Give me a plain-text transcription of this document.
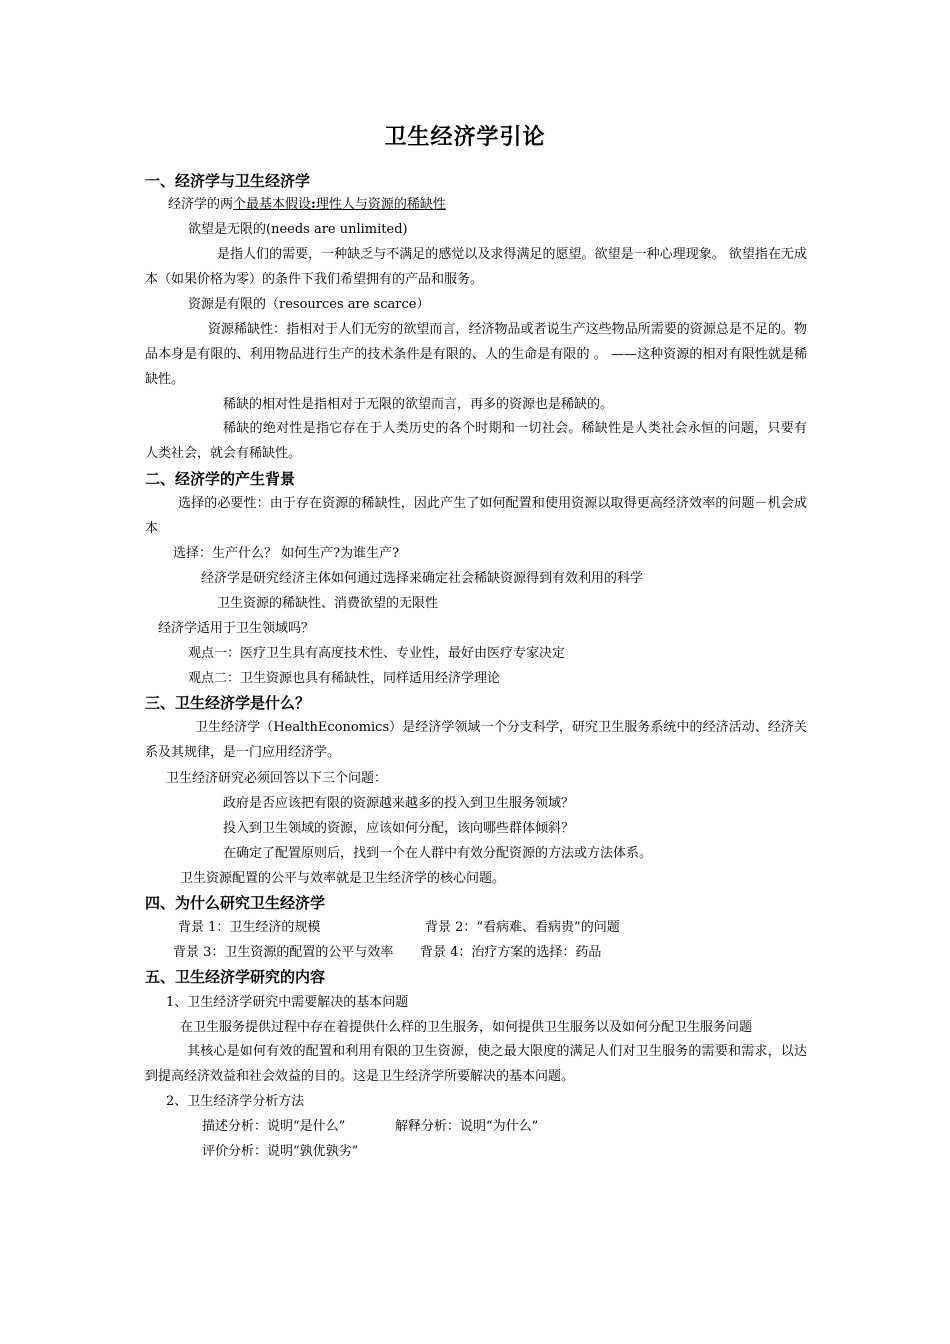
卫生经济学引论
一、经济学与卫生经济学
经济学的两个最基本假设:理性人与资源的稀缺性
欲望是无限的(needs are unlimited)
是指人们的需要，一种缺乏与不满足的感觉以及求得满足的愿望。欲望是一种心理现象。 欲望指在无成本（如果价格为零）的条件下我们希望拥有的产品和服务。
资源是有限的（resources are scarce）
资源稀缺性：指相对于人们无穷的欲望而言，经济物品或者说生产这些物品所需要的资源总是不足的。物品本身是有限的、利用物品进行生产的技术条件是有限的、人的生命是有限的 。 ——这种资源的相对有限性就是稀缺性。
稀缺的相对性是指相对于无限的欲望而言，再多的资源也是稀缺的。
稀缺的绝对性是指它存在于人类历史的各个时期和一切社会。稀缺性是人类社会永恒的问题，只要有人类社会，就会有稀缺性。
二、经济学的产生背景
选择的必要性：由于存在资源的稀缺性，因此产生了如何配置和使用资源以取得更高经济效率的问题－机会成本
选择：生产什么？ 如何生产?为谁生产?
经济学是研究经济主体如何通过选择来确定社会稀缺资源得到有效利用的科学
卫生资源的稀缺性、消费欲望的无限性
经济学适用于卫生领域吗？
观点一：医疗卫生具有高度技术性、专业性，最好由医疗专家决定
观点二：卫生资源也具有稀缺性，同样适用经济学理论
三、卫生经济学是什么？
卫生经济学（HealthEconomics）是经济学领域一个分支科学，研究卫生服务系统中的经济活动、经济关系及其规律，是一门应用经济学。
卫生经济研究必须回答以下三个问题：
政府是否应该把有限的资源越来越多的投入到卫生服务领域？
投入到卫生领域的资源，应该如何分配，该向哪些群体倾斜？
在确定了配置原则后，找到一个在人群中有效分配资源的方法或方法体系。
卫生资源配置的公平与效率就是卫生经济学的核心问题。
四、为什么研究卫生经济学
背景 1：卫生经济的规模	背景 2：“看病难、看病贵”的问题
背景 3：卫生资源的配置的公平与效率 背景 4：治疗方案的选择：药品
五、卫生经济学研究的内容
1、卫生经济学研究中需要解决的基本问题
在卫生服务提供过程中存在着提供什么样的卫生服务，如何提供卫生服务以及如何分配卫生服务问题
其核心是如何有效的配置和利用有限的卫生资源，使之最大限度的满足人们对卫生服务的需要和需求，以达到提高经济效益和社会效益的目的。这是卫生经济学所要解决的基本问题。
2、卫生经济学分析方法
描述分析：说明“是什么”	解释分析：说明“为什么”
评价分析：说明“孰优孰劣”
